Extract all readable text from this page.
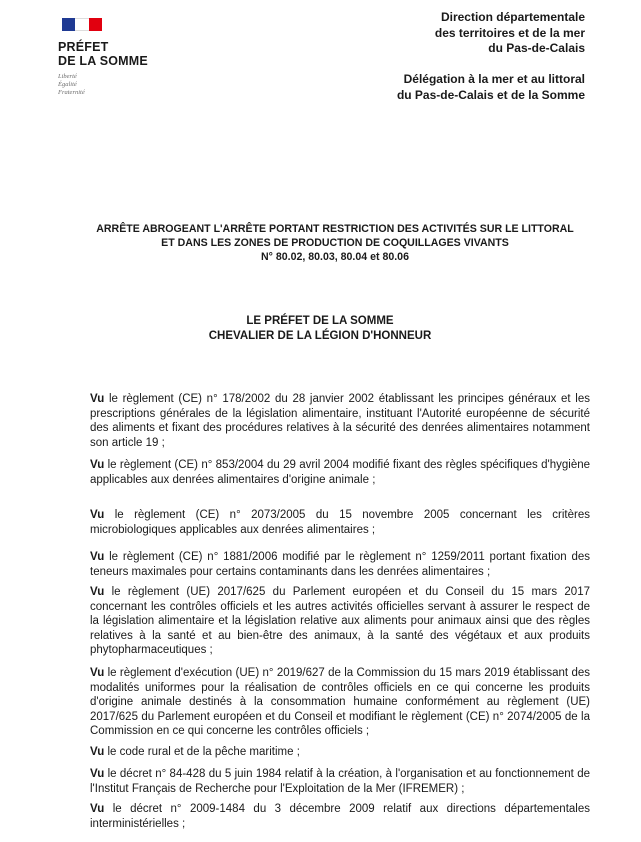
PRÉFET
DE LA SOMME
Liberté
Égalité
Fraternité
Direction départementale
des territoires et de la mer
du Pas-de-Calais
Délégation à la mer et au littoral
du Pas-de-Calais et de la Somme
ARRÊTE ABROGEANT L'ARRÊTE PORTANT RESTRICTION DES ACTIVITÉS SUR LE LITTORAL
ET DANS LES ZONES DE PRODUCTION DE COQUILLAGES VIVANTS
N° 80.02, 80.03, 80.04 et 80.06
LE PRÉFET DE LA SOMME
CHEVALIER DE LA LÉGION D'HONNEUR

Vu le règlement (CE) n° 178/2002 du 28 janvier 2002 établissant les principes généraux et les prescriptions générales de la législation alimentaire, instituant l'Autorité européenne de sécurité des aliments et fixant des procédures relatives à la sécurité des denrées alimentaires notamment son article 19 ;

Vu le règlement (CE) n° 853/2004 du 29 avril 2004 modifié fixant des règles spécifiques d'hygiène applicables aux denrées alimentaires d'origine animale ;

Vu le règlement (CE) n° 2073/2005 du 15 novembre 2005 concernant les critères microbiologiques applicables aux denrées alimentaires ;

Vu le règlement (CE) n° 1881/2006 modifié par le règlement n° 1259/2011 portant fixation des teneurs maximales pour certains contaminants dans les denrées alimentaires ;

Vu le règlement (UE) 2017/625 du Parlement européen et du Conseil du 15 mars 2017 concernant les contrôles officiels et les autres activités officielles servant à assurer le respect de la législation alimentaire et la législation relative aux aliments pour animaux ainsi que des règles relatives à la santé et au bien-être des animaux, à la santé des végétaux et aux produits phytopharmaceutiques ;

Vu le règlement d'exécution (UE) n° 2019/627 de la Commission du 15 mars 2019 établissant des modalités uniformes pour la réalisation de contrôles officiels en ce qui concerne les produits d'origine animale destinés à la consommation humaine conformément au règlement (UE) 2017/625 du Parlement européen et du Conseil et modifiant le règlement (CE) n° 2074/2005 de la Commission en ce qui concerne les contrôles officiels ;

Vu le code rural et de la pêche maritime ;

Vu le décret n° 84-428 du 5 juin 1984 relatif à la création, à l'organisation et au fonctionnement de l'Institut Français de Recherche pour l'Exploitation de la Mer (IFREMER) ;

Vu le décret n° 2009-1484 du 3 décembre 2009 relatif aux directions départementales interministérielles ;
